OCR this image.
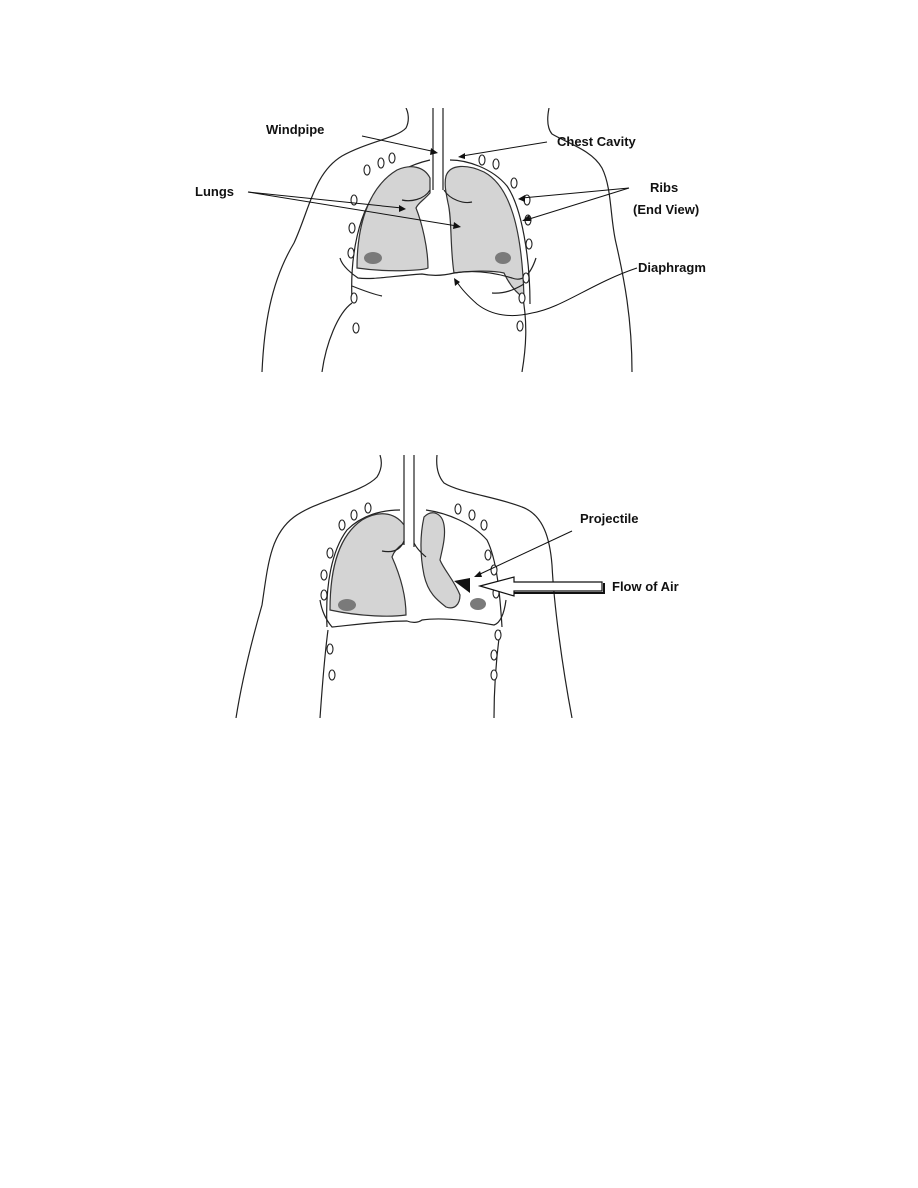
Windpipe
Chest Cavity
Lungs	Ribs
(End View)
Diaphragm
Projectile
Flow of Air
